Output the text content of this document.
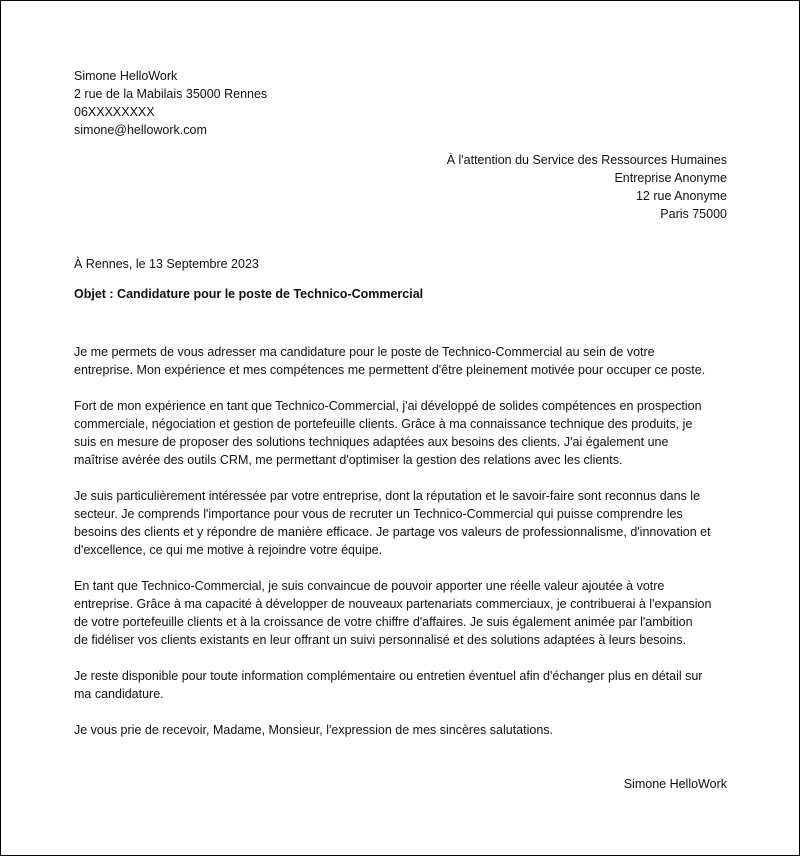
Simone HelloWork
2 rue de la Mabilais 35000 Rennes
06XXXXXXXX
simone@hellowork.com
À l'attention du Service des Ressources Humaines
Entreprise Anonyme
12 rue Anonyme
Paris 75000
À Rennes, le 13 Septembre 2023
Objet : Candidature pour le poste de Technico-Commercial
Je me permets de vous adresser ma candidature pour le poste de Technico-Commercial au sein de votre
entreprise. Mon expérience et mes compétences me permettent d'être pleinement motivée pour occuper ce poste.
Fort de mon expérience en tant que Technico-Commercial, j'ai développé de solides compétences en prospection
commerciale, négociation et gestion de portefeuille clients. Grâce à ma connaissance technique des produits, je
suis en mesure de proposer des solutions techniques adaptées aux besoins des clients. J'ai également une
maîtrise avérée des outils CRM, me permettant d'optimiser la gestion des relations avec les clients.
Je suis particulièrement intéressée par votre entreprise, dont la réputation et le savoir-faire sont reconnus dans le
secteur. Je comprends l'importance pour vous de recruter un Technico-Commercial qui puisse comprendre les
besoins des clients et y répondre de manière efficace. Je partage vos valeurs de professionnalisme, d'innovation et
d'excellence, ce qui me motive à rejoindre votre équipe.
En tant que Technico-Commercial, je suis convaincue de pouvoir apporter une réelle valeur ajoutée à votre
entreprise. Grâce à ma capacité à développer de nouveaux partenariats commerciaux, je contribuerai à l'expansion
de votre portefeuille clients et à la croissance de votre chiffre d'affaires. Je suis également animée par l'ambition
de fidéliser vos clients existants en leur offrant un suivi personnalisé et des solutions adaptées à leurs besoins.
Je reste disponible pour toute information complémentaire ou entretien éventuel afin d'échanger plus en détail sur
ma candidature.
Je vous prie de recevoir, Madame, Monsieur, l'expression de mes sincères salutations.
Simone HelloWork
